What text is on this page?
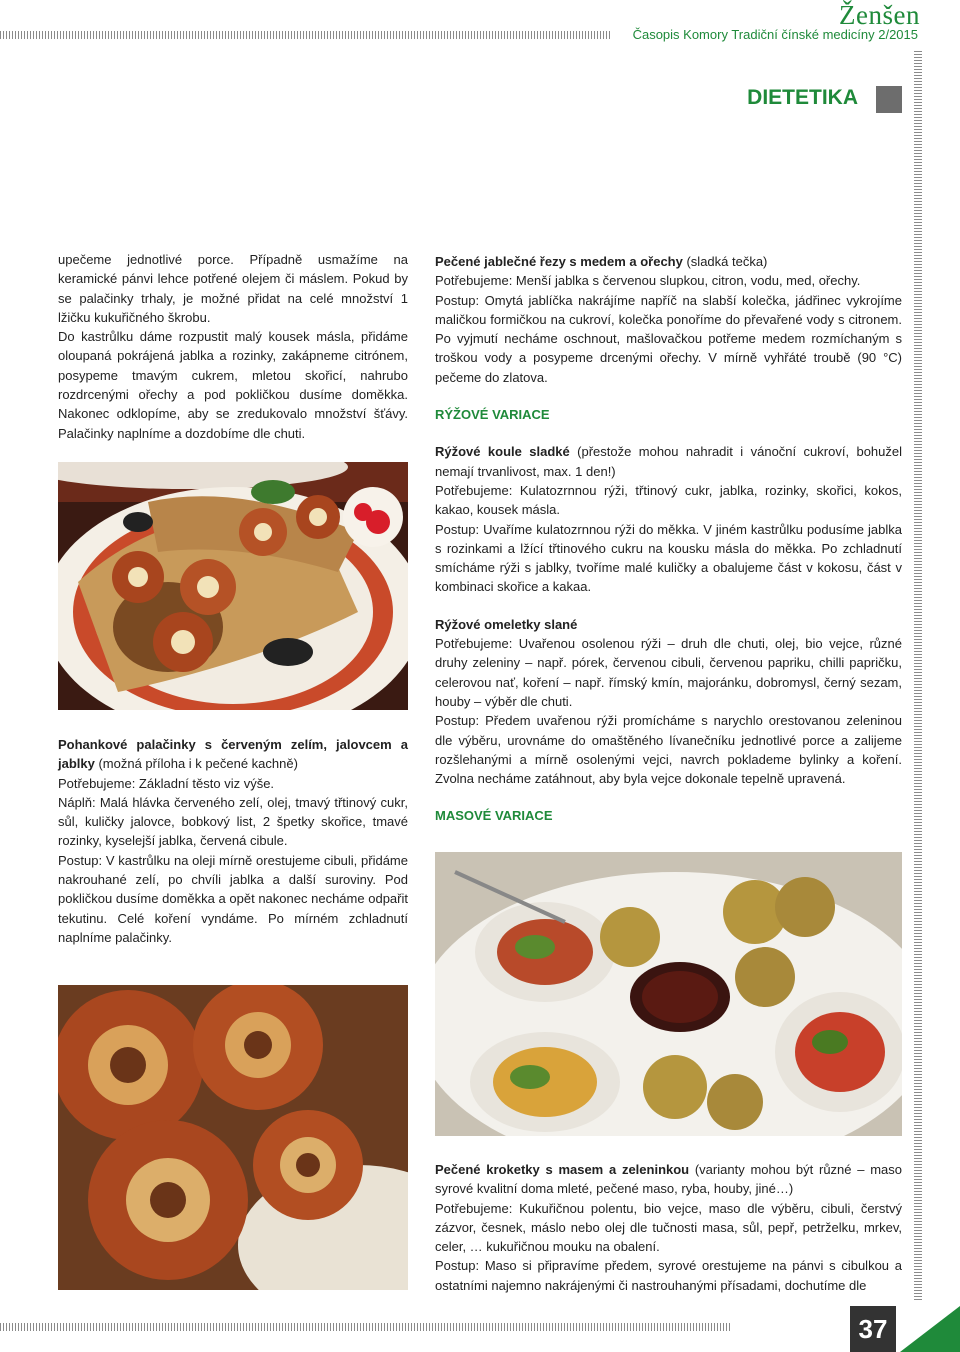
Ženšen
Časopis Komory Tradiční čínské medicíny 2/2015
DIETETIKA

upečeme jednotlivé porce. Případně usmažíme na keramické pánvi lehce potřené olejem či máslem. Pokud by se palačinky trhaly, je možné přidat na celé množství 1 lžičku kukuřičného škrobu.

Do kastrůlku dáme rozpustit malý kousek másla, přidáme oloupaná pokrájená jablka a rozinky, zakápneme citrónem, posypeme tmavým cukrem, mletou skořicí, nahrubo rozdrcenými ořechy a pod pokličkou dusíme doměkka. Nakonec odklopíme, aby se zredukovalo množství šťávy. Palačinky naplníme a dozdobíme dle chuti.

Pohankové palačinky s červeným zelím, jalovcem a jablky (možná příloha i k pečené kachně)

Potřebujeme: Základní těsto viz výše.

Náplň: Malá hlávka červeného zelí, olej, tmavý třtinový cukr, sůl, kuličky jalovce, bobkový list, 2 špetky skořice, tmavé rozinky, kyselejší jablka, červená cibule.

Postup: V kastrůlku na oleji mírně orestujeme cibuli, přidáme nakrouhané zelí, po chvíli jablka a další suroviny. Pod pokličkou dusíme doměkka a opět nakonec necháme odpařit tekutinu. Celé koření vyndáme. Po mírném zchladnutí naplníme palačinky.

Pečené jablečné řezy s medem a ořechy (sladká tečka)

Potřebujeme: Menší jablka s červenou slupkou, citron, vodu, med, ořechy.

Postup: Omytá jablíčka nakrájíme napříč na slabší kolečka, jádřinec vykrojíme maličkou formičkou na cukroví, kolečka ponoříme do převařené vody s citronem. Po vyjmutí necháme oschnout, mašlovačkou potřeme medem rozmíchaným s troškou vody a posypeme drcenými ořechy. V mírně vyhřáté troubě (90 °C) pečeme do zlatova.

RÝŽOVÉ VARIACE

Rýžové koule sladké (přestože mohou nahradit i vánoční cukroví, bohužel nemají trvanlivost, max. 1 den!)

Potřebujeme: Kulatozrnnou rýži, třtinový cukr, jablka, rozinky, skořici, kokos, kakao, kousek másla.

Postup: Uvaříme kulatozrnnou rýži do měkka. V jiném kastrůlku podusíme jablka s rozinkami a lžící třtinového cukru na kousku másla do měkka. Po zchladnutí smícháme rýži s jablky, tvoříme malé kuličky a obalujeme část v kokosu, část v kombinaci skořice a kakaa.

Rýžové omeletky slané

Potřebujeme: Uvařenou osolenou rýži – druh dle chuti, olej, bio vejce, různé druhy zeleniny – např. pórek, červenou cibuli, červenou papriku, chilli papričku, celerovou nať, koření – např. římský kmín, majoránku, dobromysl, černý sezam, houby – výběr dle chuti.

Postup: Předem uvařenou rýži promícháme s narychlo orestovanou zeleninou dle výběru, urovnáme do omaštěného lívanečníku jednotlivé porce a zalijeme rozšlehanými a mírně osolenými vejci, navrch poklademe bylinky a koření. Zvolna necháme zatáhnout, aby byla vejce dokonale tepelně upravená.

MASOVÉ VARIACE

Pečené kroketky s masem a zeleninkou (varianty mohou být různé – maso syrové kvalitní doma mleté, pečené maso, ryba, houby, jiné…)

Potřebujeme: Kukuřičnou polentu, bio vejce, maso dle výběru, cibuli, čerstvý zázvor, česnek, máslo nebo olej dle tučnosti masa, sůl, pepř, petrželku, mrkev, celer, … kukuřičnou mouku na obalení.

Postup: Maso si připravíme předem, syrové orestujeme na pánvi s cibulkou a ostatními najemno nakrájenými či nastrouhanými přísadami, dochutíme dle

37
